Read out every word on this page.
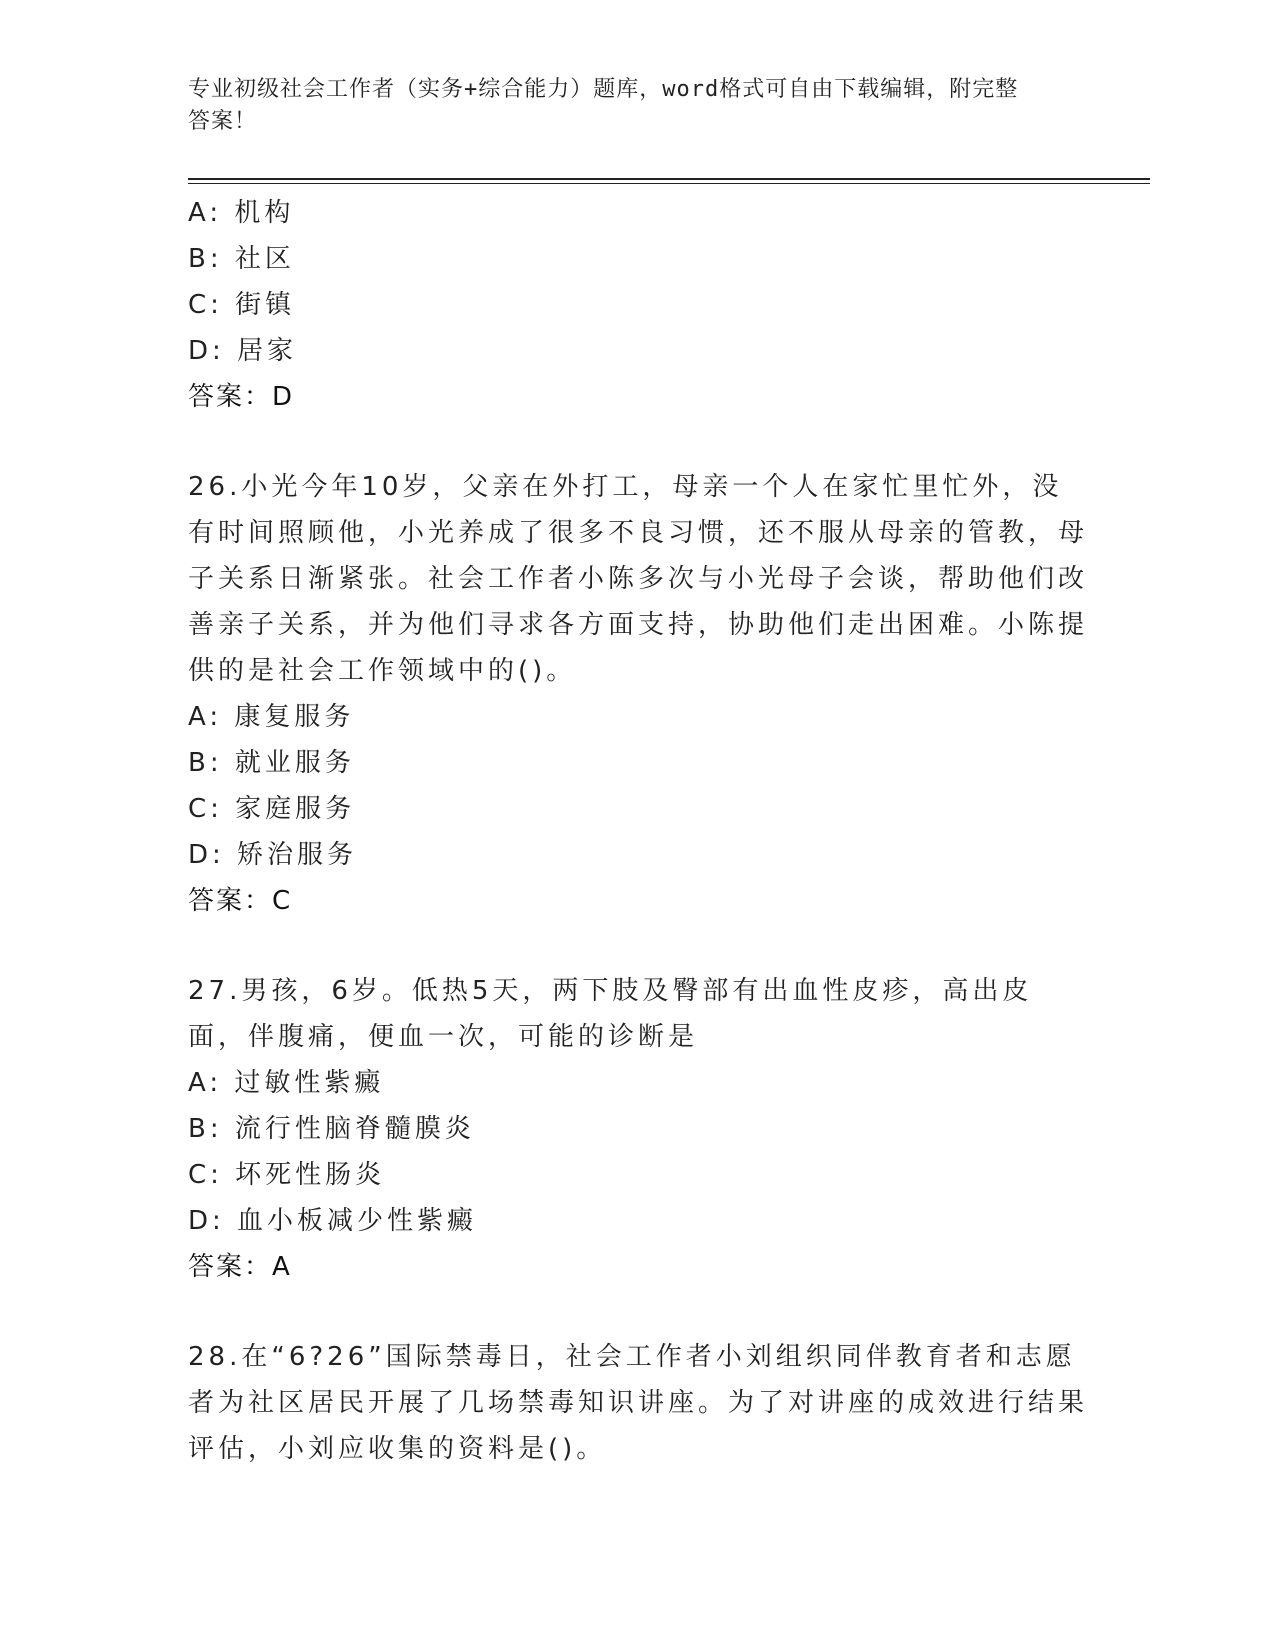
专业初级社会工作者（实务+综合能力）题库，word格式可自由下载编辑，附完整
答案！
A: 机构
B: 社区
C: 街镇
D: 居家
答案：D
26.小光今年10岁，父亲在外打工，母亲一个人在家忙里忙外，没有时间照顾他，小光养成了很多不良习惯，还不服从母亲的管教，母子关系日渐紧张。社会工作者小陈多次与小光母子会谈，帮助他们改善亲子关系，并为他们寻求各方面支持，协助他们走出困难。小陈提供的是社会工作领域中的()。
A: 康复服务
B: 就业服务
C: 家庭服务
D: 矫治服务
答案：C
27.男孩，6岁。低热5天，两下肢及臀部有出血性皮疹，高出皮面，伴腹痛，便血一次，可能的诊断是
A: 过敏性紫癜
B: 流行性脑脊髓膜炎
C: 坏死性肠炎
D: 血小板减少性紫癜
答案：A
28.在“6?26”国际禁毒日，社会工作者小刘组织同伴教育者和志愿者为社区居民开展了几场禁毒知识讲座。为了对讲座的成效进行结果评估，小刘应收集的资料是()。
